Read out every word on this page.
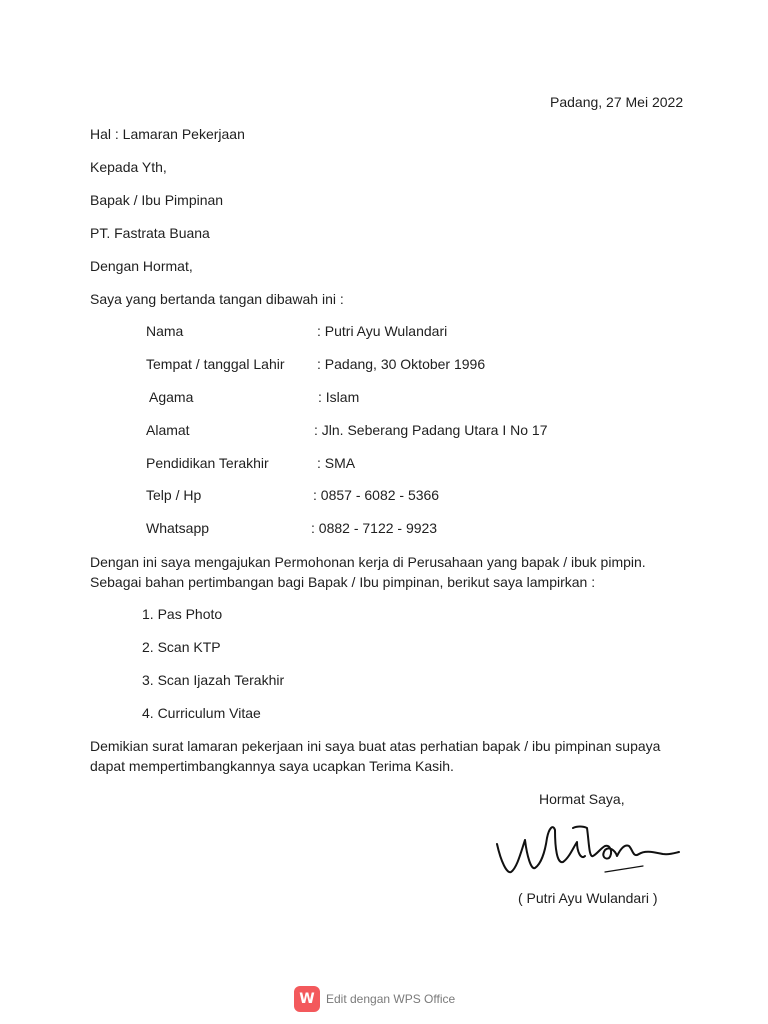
Padang, 27 Mei 2022
Hal : Lamaran Pekerjaan
Kepada Yth,
Bapak / Ibu Pimpinan
PT. Fastrata Buana
Dengan Hormat,
Saya yang bertanda tangan dibawah ini :
Nama	: Putri Ayu Wulandari
Tempat / tanggal Lahir : Padang, 30 Oktober 1996
Agama	: Islam
Alamat	: Jln. Seberang Padang Utara I No 17
Pendidikan Terakhir	: SMA
Telp / Hp	: 0857 - 6082 - 5366
Whatsapp	: 0882 - 7122 - 9923
Dengan ini saya mengajukan Permohonan kerja di Perusahaan yang bapak / ibuk pimpin.
Sebagai bahan pertimbangan bagi Bapak / Ibu pimpinan, berikut saya lampirkan :
1. Pas Photo
2. Scan KTP
3. Scan Ijazah Terakhir
4. Curriculum Vitae
Demikian surat lamaran pekerjaan ini saya buat atas perhatian bapak / ibu pimpinan supaya
dapat mempertimbangkannya saya ucapkan Terima Kasih.
Hormat Saya,
( Putri Ayu Wulandari )
W Edit dengan WPS Office
